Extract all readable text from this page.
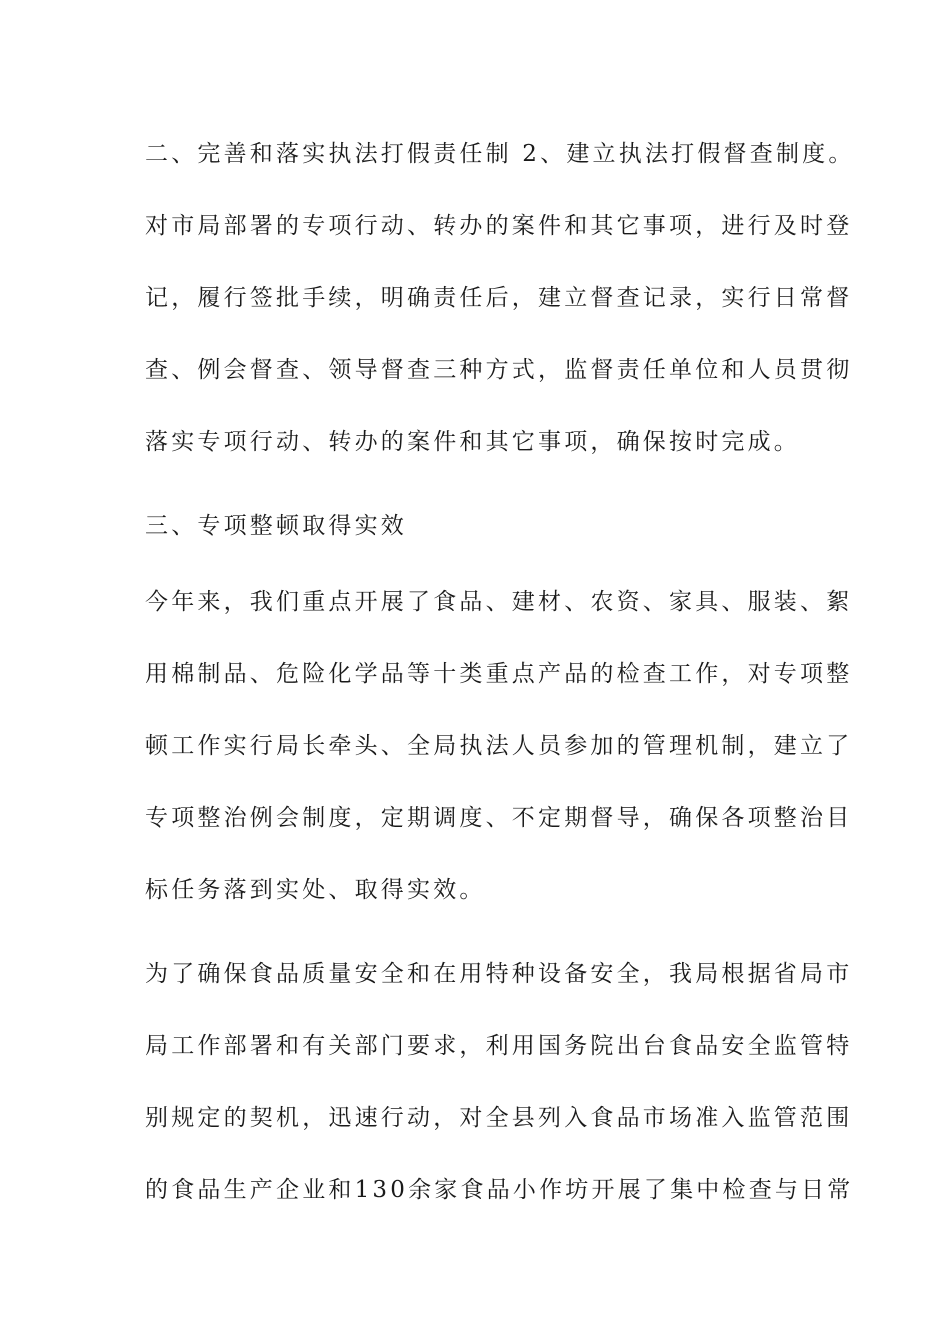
二、完善和落实执法打假责任制 2、建立执法打假督查制度。
对市局部署的专项行动、转办的案件和其它事项，进行及时登
记，履行签批手续，明确责任后，建立督查记录，实行日常督
查、例会督查、领导督查三种方式，监督责任单位和人员贯彻
落实专项行动、转办的案件和其它事项，确保按时完成。
三、专项整顿取得实效
今年来，我们重点开展了食品、建材、农资、家具、服装、絮
用棉制品、危险化学品等十类重点产品的检查工作，对专项整
顿工作实行局长牵头、全局执法人员参加的管理机制，建立了
专项整治例会制度，定期调度、不定期督导，确保各项整治目
标任务落到实处、取得实效。
为了确保食品质量安全和在用特种设备安全，我局根据省局市
局工作部署和有关部门要求，利用国务院出台食品安全监管特
别规定的契机，迅速行动，对全县列入食品市场准入监管范围
的食品生产企业和130余家食品小作坊开展了集中检查与日常
